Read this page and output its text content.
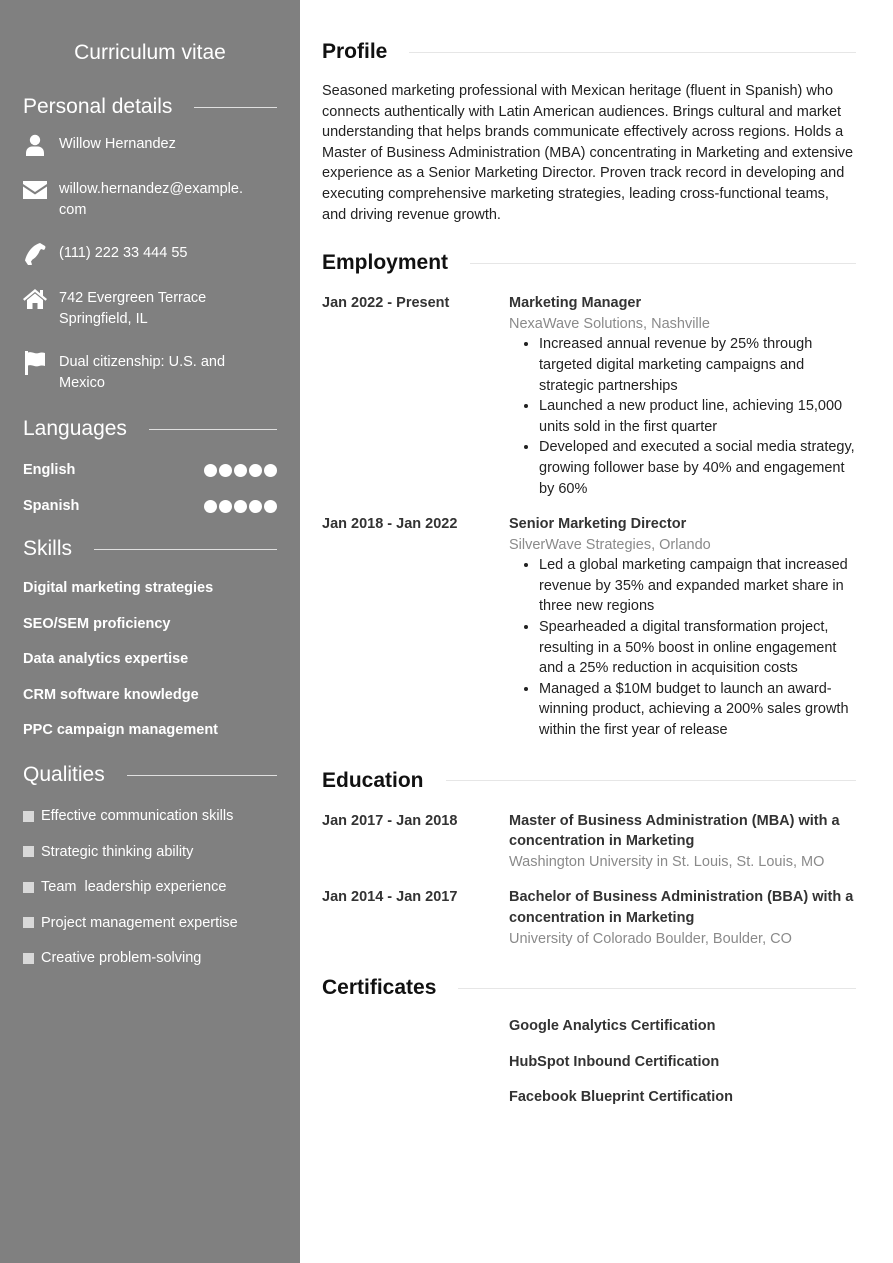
Curriculum vitae
Personal details
Willow Hernandez
willow.hernandez@example.
com
(111) 222 33 444 55
742 Evergreen Terrace
Springfield, IL
Dual citizenship: U.S. and
Mexico
Languages
English
Spanish
Skills
Digital marketing strategies
SEO/SEM proficiency
Data analytics expertise
CRM software knowledge
PPC campaign management
Qualities
Effective communication skills
Strategic thinking ability
Team  leadership experience
Project management expertise
Creative problem-solving
Profile

Seasoned marketing professional with Mexican heritage (fluent in Spanish) who connects authentically with Latin American audiences. Brings cultural and market understanding that helps brands communicate effectively across regions. Holds a Master of Business Administration (MBA) concentrating in Marketing and extensive experience as a Senior Marketing Director. Proven track record in developing and executing comprehensive marketing strategies, leading cross-functional teams, and driving revenue growth.

Employment
Jan 2022 - Present	Marketing Manager
NexaWave Solutions, Nashville
• Increased annual revenue by 25% through targeted digital marketing campaigns and strategic partnerships
• Launched a new product line, achieving 15,000 units sold in the first quarter
• Developed and executed a social media strategy, growing follower base by 40% and engagement by 60%
Jan 2018 - Jan 2022	Senior Marketing Director
SilverWave Strategies, Orlando
• Led a global marketing campaign that increased revenue by 35% and expanded market share in three new regions
• Spearheaded a digital transformation project, resulting in a 50% boost in online engagement and a 25% reduction in acquisition costs
• Managed a $10M budget to launch an award-winning product, achieving a 200% sales growth within the first year of release
Education
Jan 2017 - Jan 2018	Master of Business Administration (MBA) with a concentration in Marketing
Washington University in St. Louis, St. Louis, MO
Jan 2014 - Jan 2017	Bachelor of Business Administration (BBA) with a concentration in Marketing
University of Colorado Boulder, Boulder, CO
Certificates
Google Analytics Certification
HubSpot Inbound Certification
Facebook Blueprint Certification
